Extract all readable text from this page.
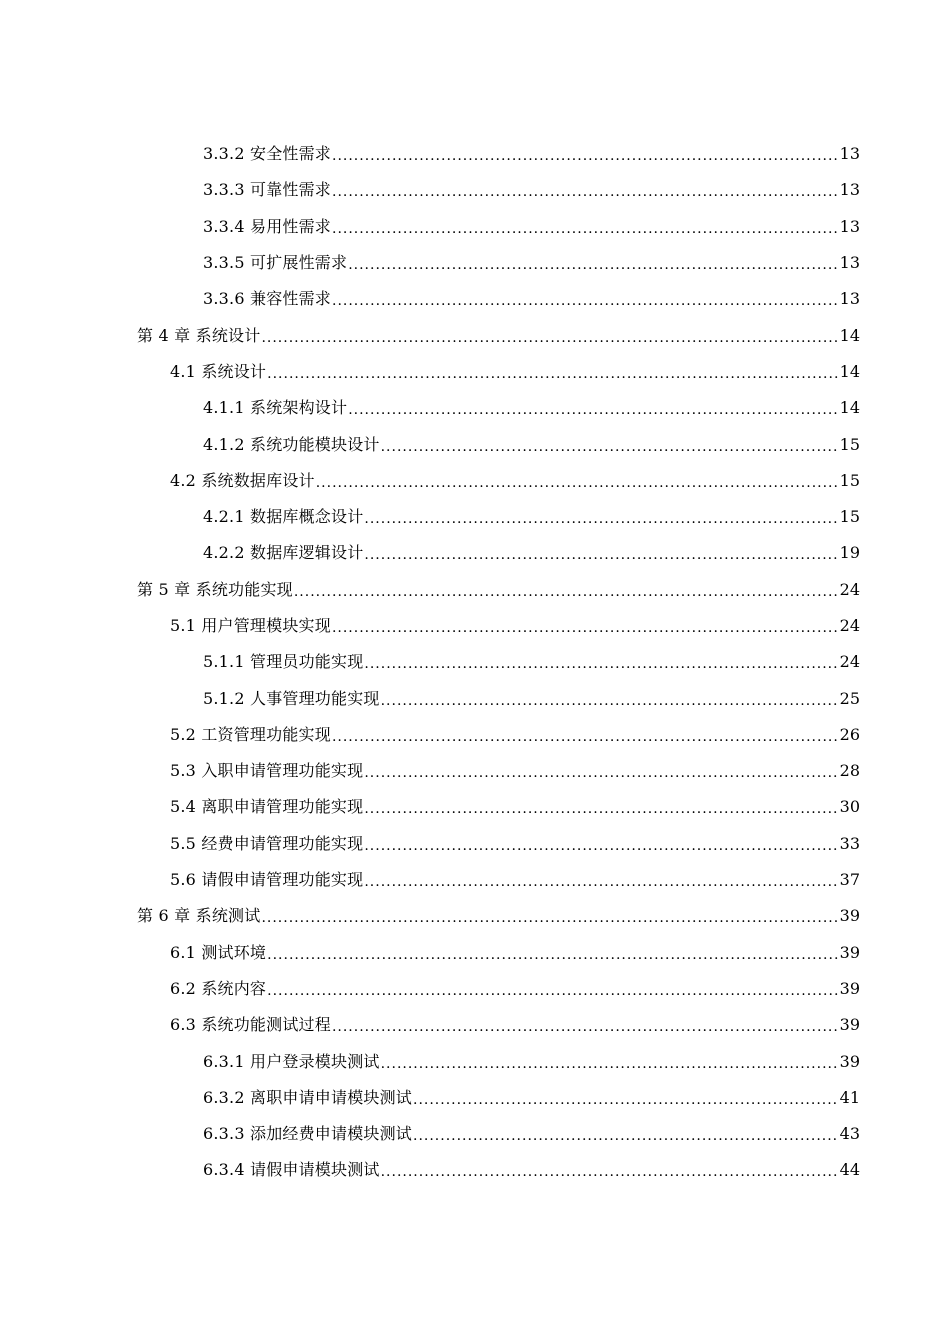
3.3.2 安全性需求 .....	13
3.3.3 可靠性需求 .....	13
3.3.4 易用性需求 .....	13
3.3.5 可扩展性需求 .....	13
3.3.6 兼容性需求 .....	13
第 4 章 系统设计 .....	14
4.1 系统设计 .....	14
4.1.1 系统架构设计 .....	14
4.1.2 系统功能模块设计 .....	15
4.2 系统数据库设计 .....	15
4.2.1 数据库概念设计 .....	15
4.2.2 数据库逻辑设计 .....	19
第 5 章 系统功能实现 .....	24
5.1 用户管理模块实现 .....	24
5.1.1 管理员功能实现 .....	24
5.1.2 人事管理功能实现 .....	25
5.2 工资管理功能实现 .....	26
5.3 入职申请管理功能实现 .....	28
5.4 离职申请管理功能实现 .....	30
5.5 经费申请管理功能实现 .....	33
5.6 请假申请管理功能实现 .....	37
第 6 章 系统测试 .....	39
6.1 测试环境 .....	39
6.2 系统内容 .....	39
6.3 系统功能测试过程 .....	39
6.3.1 用户登录模块测试 .....	39
6.3.2 离职申请申请模块测试 .....	41
6.3.3 添加经费申请模块测试 .....	43
6.3.4 请假申请模块测试 .....	44
